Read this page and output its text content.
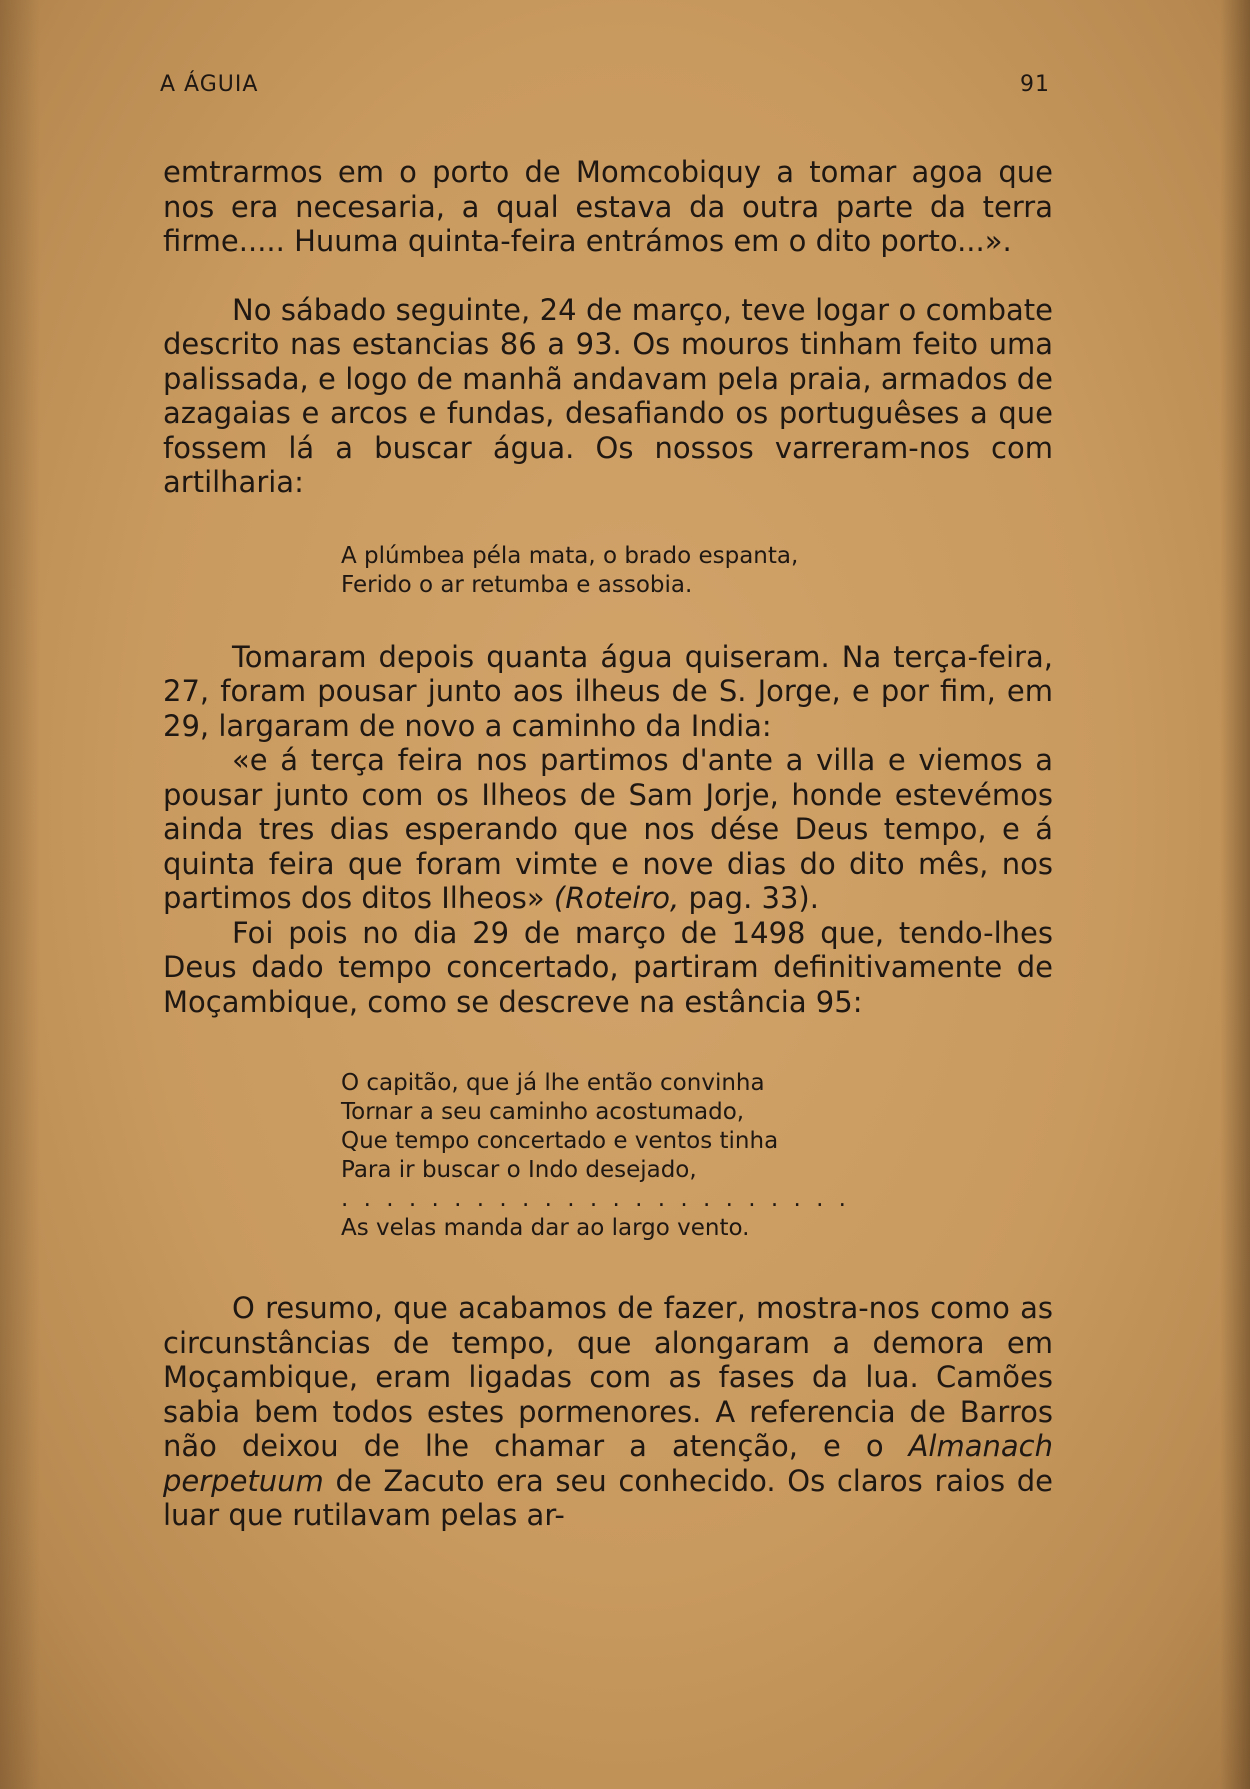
A ÁGUIA	91

emtrarmos em o porto de Momcobiquy a tomar agoa que nos era necesaria, a qual estava da outra parte da terra firme..... Huuma quinta-feira entrámos em o dito porto...».

No sábado seguinte, 24 de março, teve logar o combate descrito nas estancias 86 a 93. Os mouros tinham feito uma palissada, e logo de manhã andavam pela praia, armados de azagaias e arcos e fundas, desafiando os portuguêses a que fossem lá a buscar água. Os nossos varreram-nos com artilharia:

A plúmbea péla mata, o brado espanta,
Ferido o ar retumba e assobia.

Tomaram depois quanta água quiseram. Na terça-feira, 27, foram pousar junto aos ilheus de S. Jorge, e por fim, em 29, largaram de novo a caminho da India:

«e á terça feira nos partimos d'ante a villa e viemos a pousar junto com os Ilheos de Sam Jorje, honde estevémos ainda tres dias esperando que nos dése Deus tempo, e á quinta feira que foram vimte e nove dias do dito mês, nos partimos dos ditos Ilheos» (Roteiro, pag. 33).

Foi pois no dia 29 de março de 1498 que, tendo-lhes Deus dado tempo concertado, partiram definitivamente de Moçambique, como se descreve na estância 95:

O capitão, que já lhe então convinha
Tornar a seu caminho acostumado,
Que tempo concertado e ventos tinha
Para ir buscar o Indo desejado,
. . . . . . . . . . . . . . . . . . . . . . .
As velas manda dar ao largo vento.

O resumo, que acabamos de fazer, mostra-nos como as circunstâncias de tempo, que alongaram a demora em Moçambique, eram ligadas com as fases da lua. Camões sabia bem todos estes pormenores. A referencia de Barros não deixou de lhe chamar a atenção, e o Almanach perpetuum de Zacuto era seu conhecido. Os claros raios de luar que rutilavam pelas ar-
